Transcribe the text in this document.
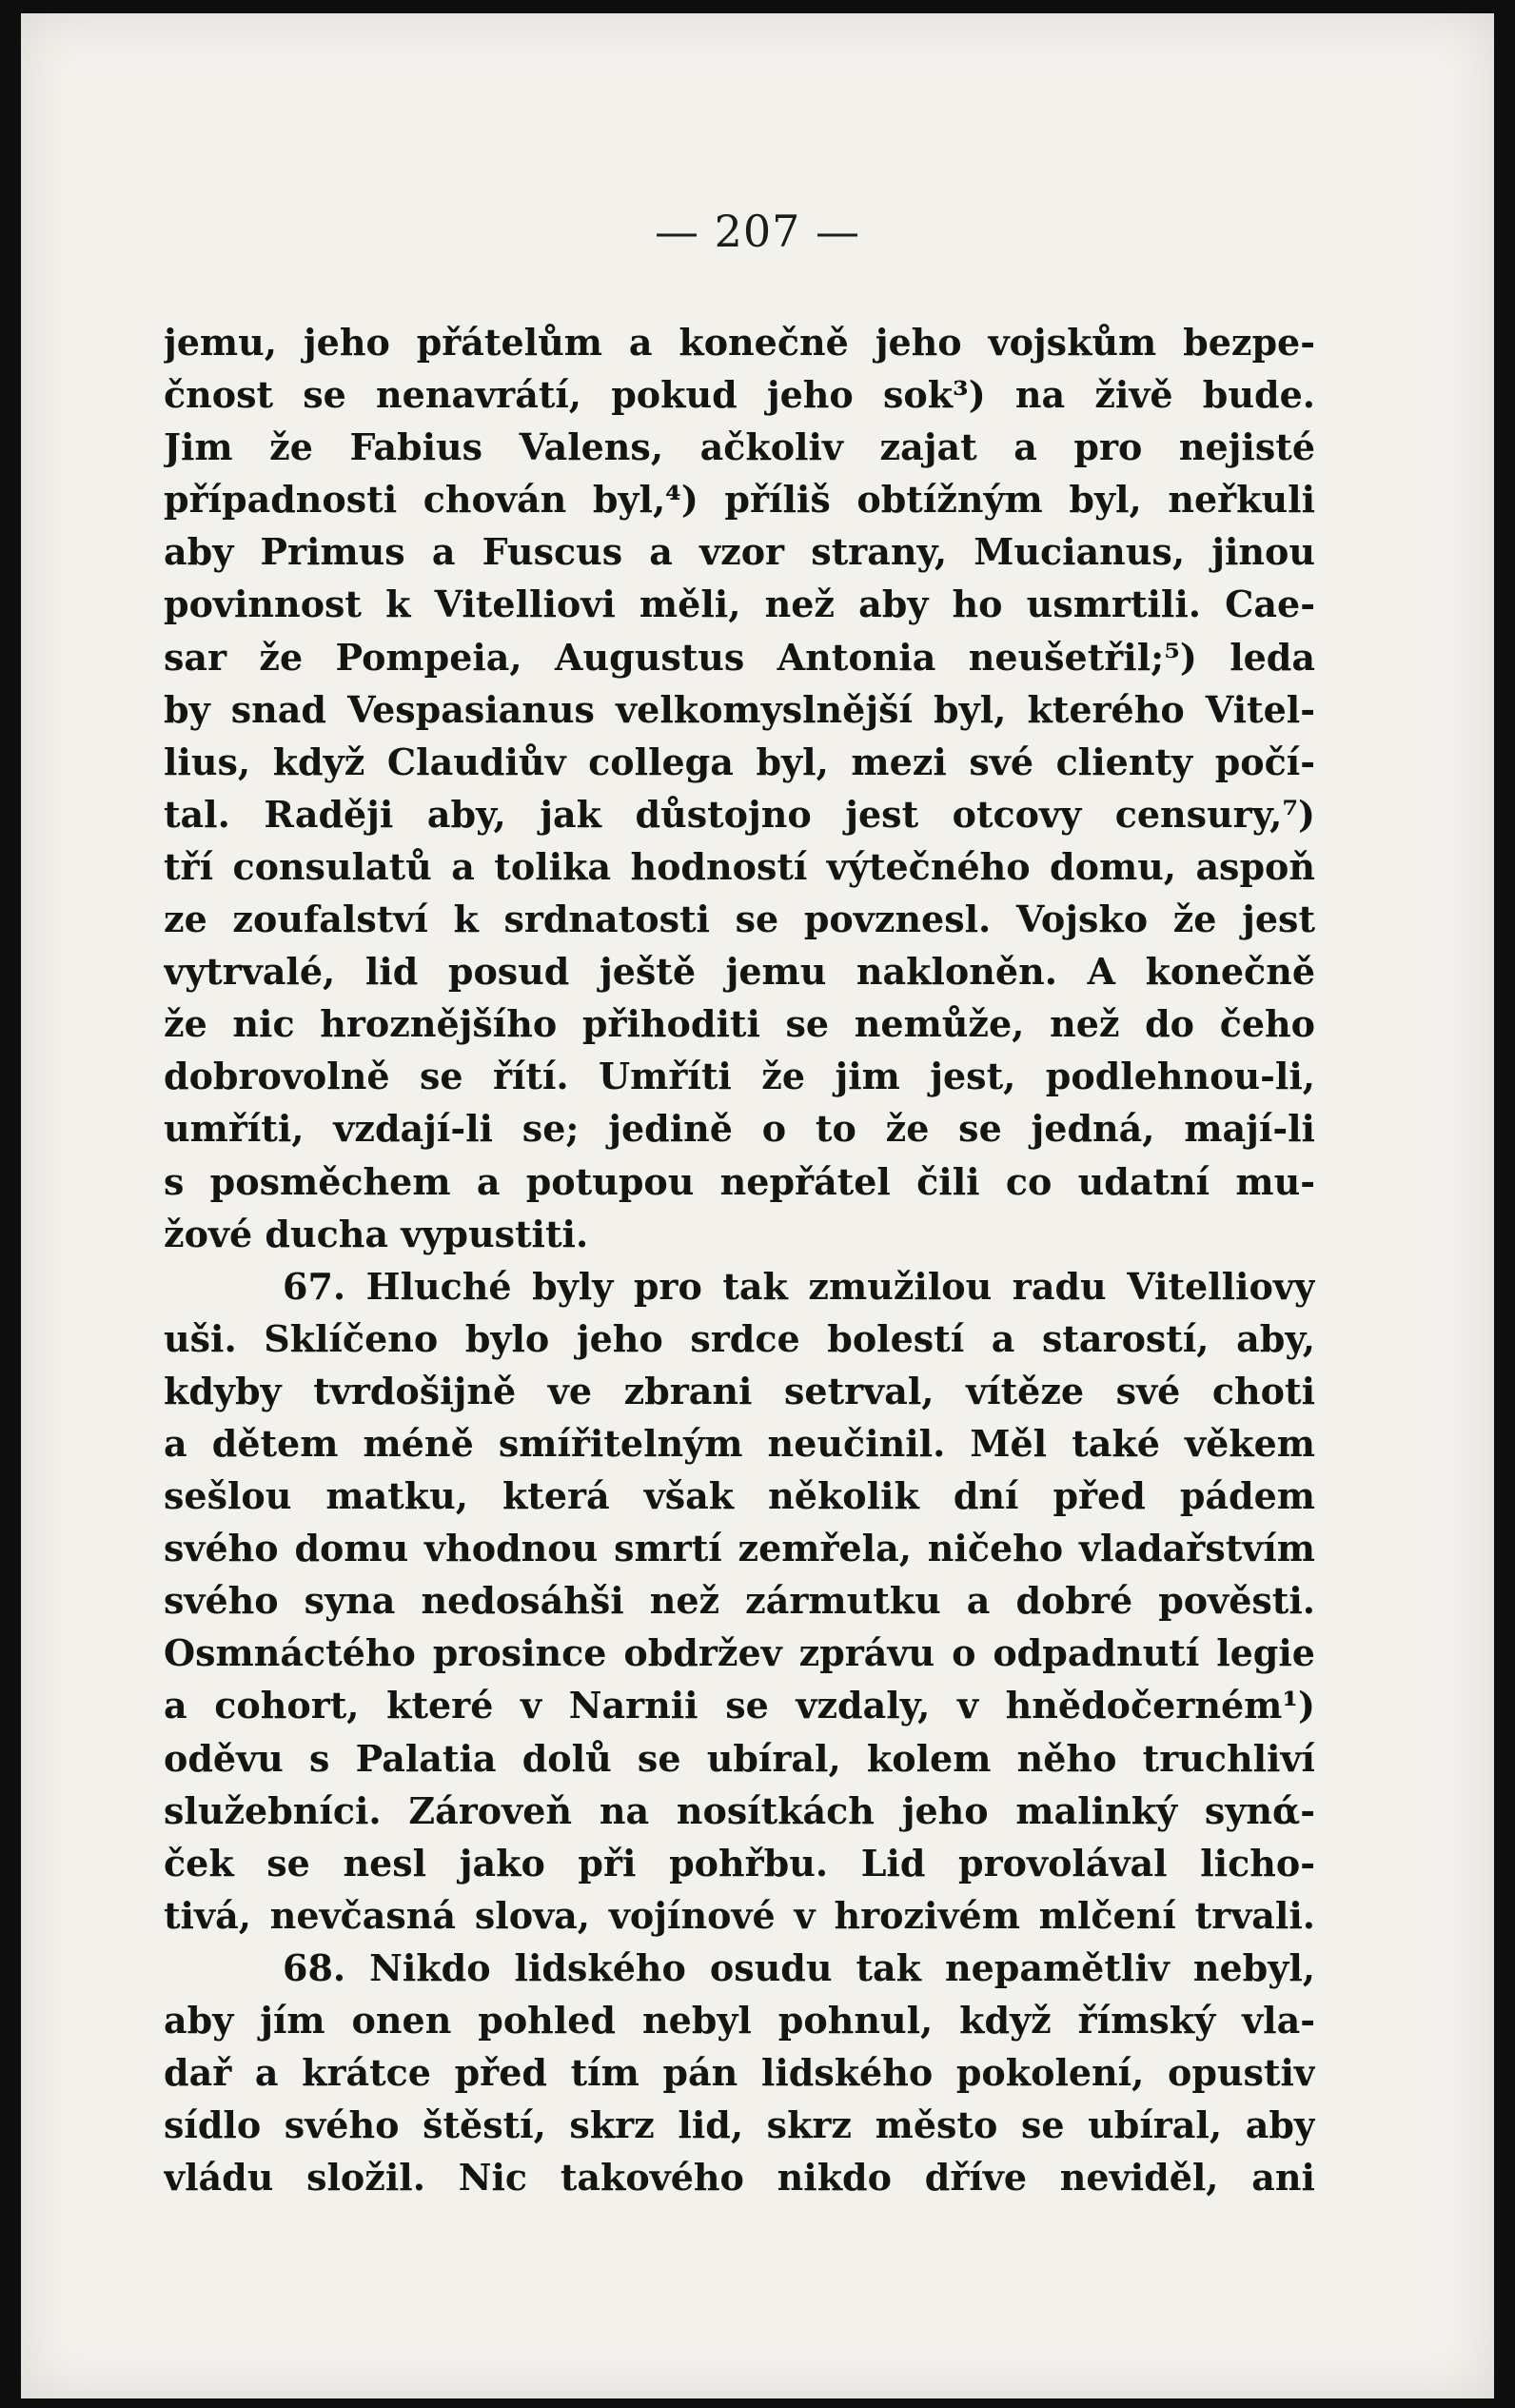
— 207 —
jemu, jeho přátelům a konečně jeho vojskům bezpe-
čnost se nenavrátí, pokud jeho sok³) na živě bude.
Jim že Fabius Valens, ačkoliv zajat a pro nejisté
případnosti chován byl,⁴) příliš obtížným byl, neřkuli
aby Primus a Fuscus a vzor strany, Mucianus, jinou
povinnost k Vitelliovi měli, než aby ho usmrtili. Cae-
sar že Pompeia, Augustus Antonia neušetřil;⁵) leda
by snad Vespasianus velkomyslnější byl, kterého Vitel-
lius, když Claudiův collega byl, mezi své clienty počí-
tal. Raději aby, jak důstojno jest otcovy censury,⁷)
tří consulatů a tolika hodností výtečného domu, aspoň
ze zoufalství k srdnatosti se povznesl. Vojsko že jest
vytrvalé, lid posud ještě jemu nakloněn. A konečně
že nic hroznějšího přihoditi se nemůže, než do čeho
dobrovolně se řítí. Umříti že jim jest, podlehnou-li,
umříti, vzdají-li se; jedině o to že se jedná, mají-li
s posměchem a potupou nepřátel čili co udatní mu-
žové ducha vypustiti.
67. Hluché byly pro tak zmužilou radu Vitelliovy
uši. Sklíčeno bylo jeho srdce bolestí a starostí, aby,
kdyby tvrdošijně ve zbrani setrval, vítěze své choti
a dětem méně smířitelným neučinil. Měl také věkem
sešlou matku, která však několik dní před pádem
svého domu vhodnou smrtí zemřela, ničeho vladařstvím
svého syna nedosáhši než zármutku a dobré pověsti.
Osmnáctého prosince obdržev zprávu o odpadnutí legie
a cohort, které v Narnii se vzdaly, v hnědočerném¹)
oděvu s Palatia dolů se ubíral, kolem něho truchliví
služebníci. Zároveň na nosítkách jeho malinký synά-
ček se nesl jako při pohřbu. Lid provolával licho-
tivá, nevčasná slova, vojínové v hrozivém mlčení trvali.
68. Nikdo lidského osudu tak nepamětliv nebyl,
aby jím onen pohled nebyl pohnul, když římský vla-
dař a krátce před tím pán lidského pokolení, opustiv
sídlo svého štěstí, skrz lid, skrz město se ubíral, aby
vládu složil. Nic takového nikdo dříve neviděl, ani
